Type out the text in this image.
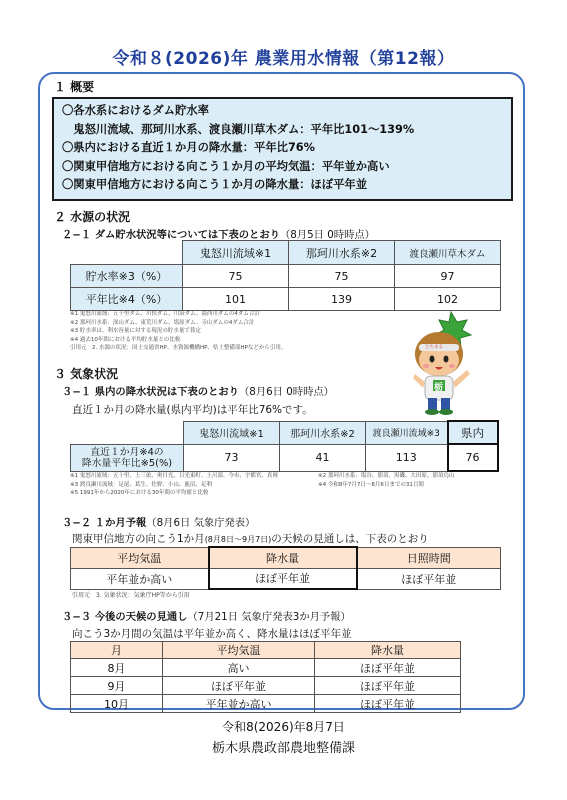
令和８(2026)年 農業用水情報（第12報）
１ 概要
〇各水系におけるダム貯水率
　鬼怒川流域、那珂川水系、渡良瀬川草木ダム：平年比101～139%
〇県内における直近１か月の降水量：平年比76%
〇関東甲信地方における向こう１か月の平均気温：平年並か高い
〇関東甲信地方における向こう１か月の降水量：ほぼ平年並
２ 水源の状況
２−１ ダム貯水状況等については下表のとおり（8月5日 0時時点）
	鬼怒川流域※1	那珂川水系※2	渡良瀬川草木ダム
貯水率※3（%）	75	75	97
平年比※4（%）	101	139	102
※1 鬼怒川流域：五十里ダム、川俣ダム、川治ダム、湯西川ダムの4ダム合計
※2 那珂川水系：深山ダム、東荒川ダム、塩原ダム、寺山ダムの4ダム合計
※3 貯水率は、利水容量に対する現況の貯水量で算定
※4 過去10年間における平均貯水量との比較
引用元　2. 水源の状況：国土交通省HP、水資源機構HP、県土整備部HPなどから引用。	とちまる
栃
３ 気象状況
３−１ 県内の降水状況は下表のとおり（8月6日 0時時点）
直近１か月の降水量(県内平均)は平年比76%です。
	鬼怒川流域※1	那珂川水系※2	渡良瀬川流域※3	県内

直近１か月※4の
降水量平年比※5(%)	73	41	113	76
※1 鬼怒川流域：五十里、上三依、奥日光、日光東町、土呂部、今市、宇都宮、真岡
※3 渡良瀬川流域：足尾、葛生、佐野、小山、鹿沼、足利
※5 1991年から2020年における30年間の平均値と比較
※2 那珂川水系：塩谷、那須、黒磯、大田原、那須烏山
※4 令和8年7月7日～8月6日までの31日間
３−２ １か月予報（8月6日 気象庁発表）
関東甲信地方の向こう1か月(8月8日～9月7日)の天候の見通しは、下表のとおり
平均気温	降水量	日照時間
平年並か高い	ほぼ平年並	ほぼ平年並
引用元　3. 気象状況：気象庁HP等から引用
３−３ 今後の天候の見通し（7月21日 気象庁発表3か月予報）
向こう3か月間の気温は平年並か高く、降水量はほぼ平年並
月	平均気温	降水量
8月	高い	ほぼ平年並
9月	ほぼ平年並	ほぼ平年並
10月	平年並か高い	ほぼ平年並
令和8(2026)年8月7日
栃木県農政部農地整備課
